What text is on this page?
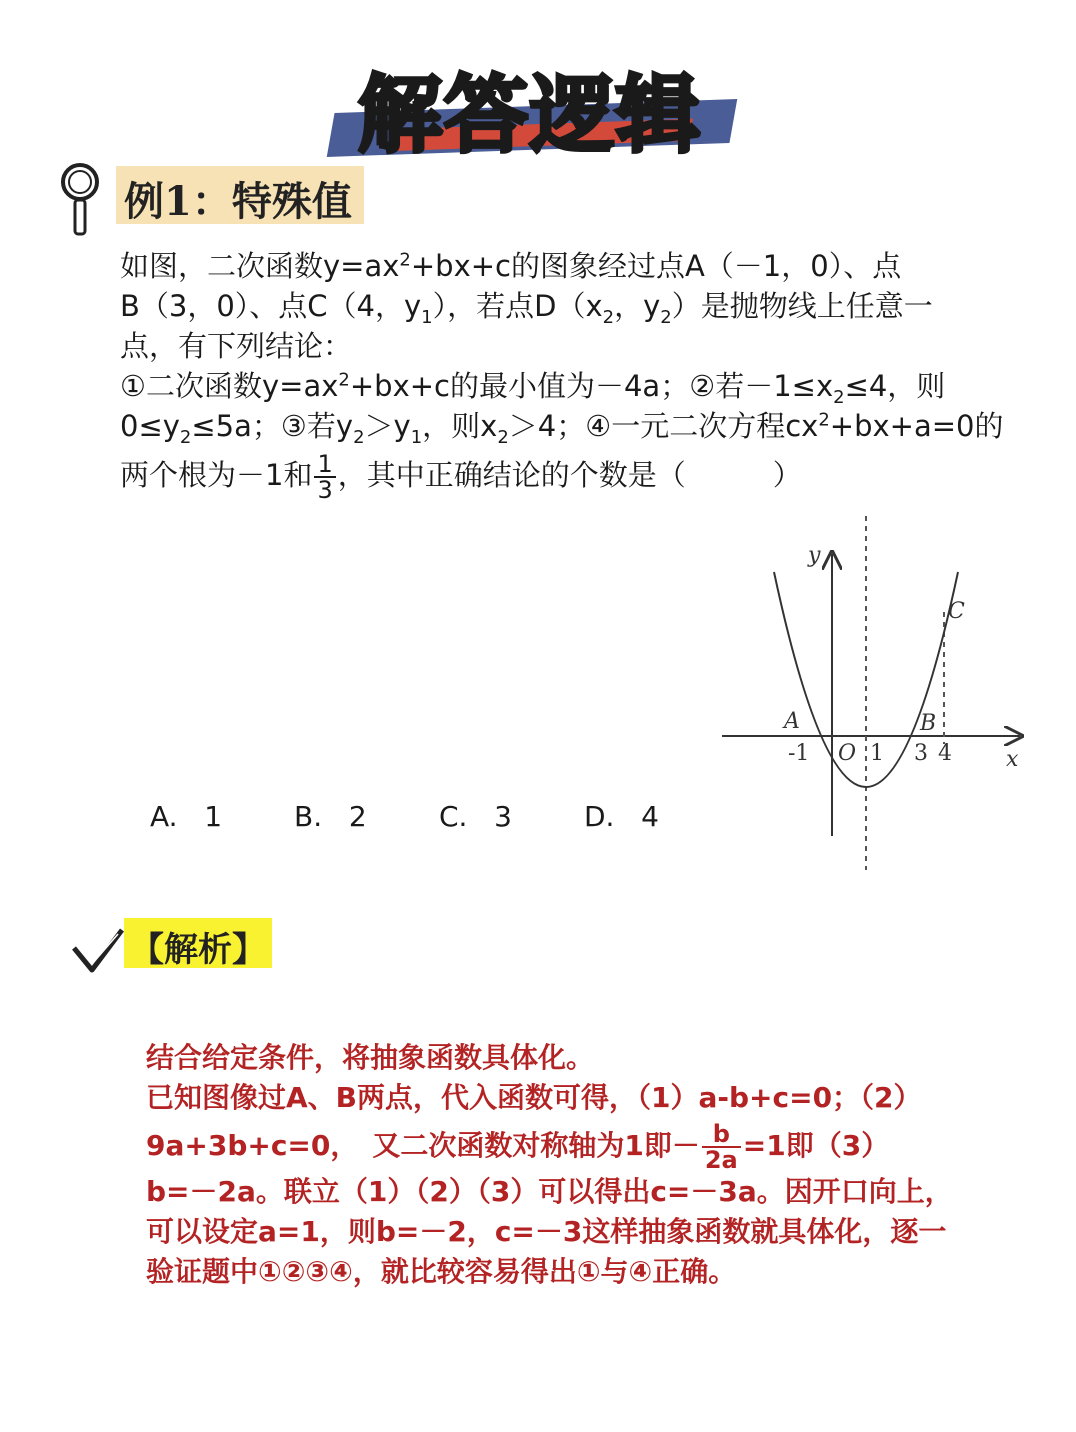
解答逻辑
例1：特殊值

如图，二次函数$y=ax^2+bx+c$的图象经过点A（－1，0）、点

B（3，0）、点C（4，$y_1$），若点$D(x_2$，$y_2$）是抛物线上任意一

点，有下列结论：

①二次函数$y=ax^2+bx+c$的最小值为－4a；②若$-1\le x_2\le 4$，则

$0\le y_2\le 5a$；③若$y_2>y_1$，则$x_2>4$；④一元二次方程$cx^2+bx+a=0$的

两个根为－1和 $\frac{1}{3}$ ，其中正确结论的个数是（　　　）

A. 1	B. 2	C. 3	D. 4
y
x
O
A	B
C
-1	1 3 4
【解析】

结合给定条件，将抽象函数具体化。

已知图像过A、B两点，代入函数可得，（1）a-b+c=0；（2）

9a+3b+c=0，　又二次函数对称轴为1即－ $\frac{b}{2a} =1$即（3）

b=－2a。联立（1）（2）（3）可以得出c=－3a。因开口向上，

可以设定a=1，则b=－2，c=－3这样抽象函数就具体化，逐一

验证题中①②③④，就比较容易得出①与④正确。
